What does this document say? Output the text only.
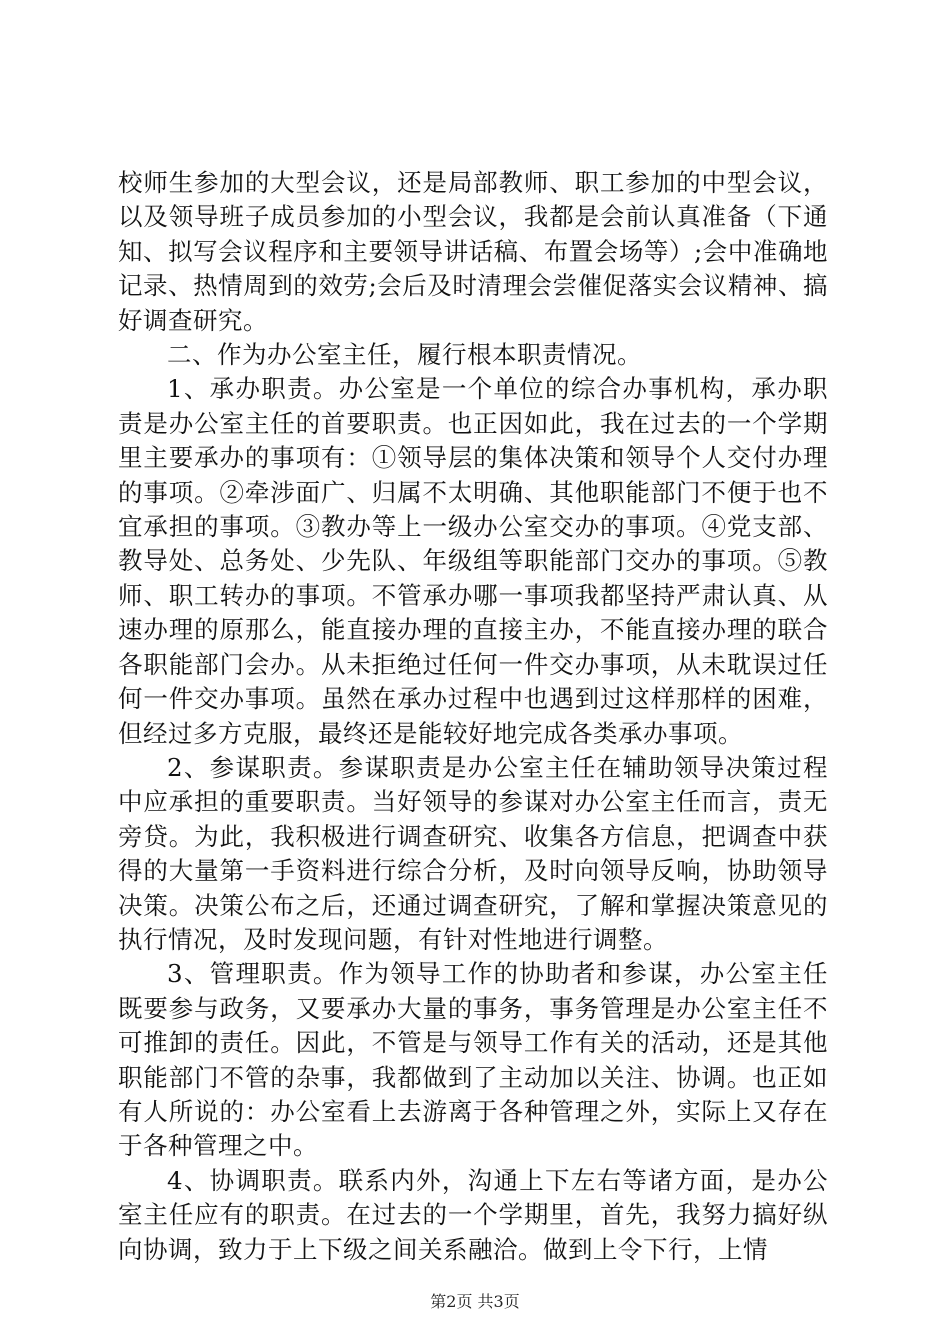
校师生参加的大型会议，还是局部教师、职工参加的中型会议，以及领导班子成员参加的小型会议，我都是会前认真准备（下通知、拟写会议程序和主要领导讲话稿、布置会场等）;会中准确地记录、热情周到的效劳;会后及时清理会尝催促落实会议精神、搞好调查研究。

二、作为办公室主任，履行根本职责情况。

1、承办职责。办公室是一个单位的综合办事机构，承办职责是办公室主任的首要职责。也正因如此，我在过去的一个学期里主要承办的事项有：①领导层的集体决策和领导个人交付办理的事项。②牵涉面广、归属不太明确、其他职能部门不便于也不宜承担的事项。③教办等上一级办公室交办的事项。④党支部、教导处、总务处、少先队、年级组等职能部门交办的事项。⑤教师、职工转办的事项。不管承办哪一事项我都坚持严肃认真、从速办理的原那么，能直接办理的直接主办，不能直接办理的联合各职能部门会办。从未拒绝过任何一件交办事项，从未耽误过任何一件交办事项。虽然在承办过程中也遇到过这样那样的困难，但经过多方克服，最终还是能较好地完成各类承办事项。

2、参谋职责。参谋职责是办公室主任在辅助领导决策过程中应承担的重要职责。当好领导的参谋对办公室主任而言，责无旁贷。为此，我积极进行调查研究、收集各方信息，把调查中获得的大量第一手资料进行综合分析，及时向领导反响，协助领导决策。决策公布之后，还通过调查研究，了解和掌握决策意见的执行情况，及时发现问题，有针对性地进行调整。

3、管理职责。作为领导工作的协助者和参谋，办公室主任既要参与政务，又要承办大量的事务，事务管理是办公室主任不可推卸的责任。因此，不管是与领导工作有关的活动，还是其他职能部门不管的杂事，我都做到了主动加以关注、协调。也正如有人所说的：办公室看上去游离于各种管理之外，实际上又存在于各种管理之中。

4、协调职责。联系内外，沟通上下左右等诸方面，是办公室主任应有的职责。在过去的一个学期里，首先，我努力搞好纵向协调，致力于上下级之间关系融洽。做到上令下行，上情

第2页 共3页
